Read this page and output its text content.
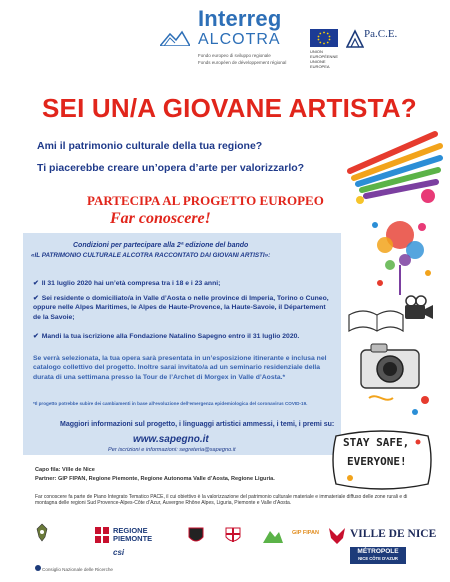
Interreg
ALCOTRA
Fondo europeo di sviluppo regionale
Fonds européen de développement régional
UNION EUROPÉENNE UNIONE EUROPEA
Pa.C.E.
SEI UN/A GIOVANE ARTISTA?
Ami il patrimonio culturale della tua regione?
Ti piacerebbe creare un’opera d’arte per valorizzarlo?
PARTECIPA AL PROGETTO EUROPEO
Far conoscere!
Condizioni per partecipare alla 2ª edizione del bando
«IL PATRIMONIO CULTURALE ALCOTRA RACCONTATO DAI GIOVANI ARTISTI»:
✔ Il 31 luglio 2020 hai un’età compresa tra i 18 e i 23 anni;
✔ Sei residente o domiciliato/a in Valle d’Aosta o nelle province di Imperia, Torino o Cuneo, oppure nelle Alpes Maritimes, le Alpes de Haute-Provence, la Haute-Savoie, il Département de la Savoie;
✔ Mandi la tua iscrizione alla Fondazione Natalino Sapegno entro il 31 luglio 2020.
Se verrà selezionata, la tua opera sarà presentata in un’esposizione itinerante e inclusa nel catalogo collettivo del progetto. Inoltre sarai invitato/a ad un seminario residenziale della durata di una settimana presso la Tour de l’Archet di Morgex in Valle d’Aosta.*
*Il progetto potrebbe subire dei cambiamenti in base all’evoluzione dell’emergenza epidemiologica del coronavirus COVID-19.
Maggiori informazioni sul progetto, i linguaggi artistici ammessi, i temi, i premi su:
www.sapegno.it
Per iscrizioni e informazioni: segreteria@sapegno.it
STAY SAFE,
EVERYONE!
Capo fila: Ville de Nice
Partner: GIP FIPAN, Regione Piemonte, Regione Autonoma Valle d’Aosta, Regione Liguria.
Far conoscere fa parte de Piano Integrato Tematico PACE, il cui obiettivo è la valorizzazione del patrimonio culturale materiale e immateriale diffuso delle zone rurali e di montagna delle regioni Sud Provence-Alpes-Côte d’Azur, Auvergne Rhône Alpes, Liguria, Piemonte e Valle d’Aosta.
REGIONE PIEMONTE
csi
GIP FIPAN	VILLE DE NICE
MÉTROPOLE
NICE CÔTE D’AZUR
Consiglio Nazionale delle Ricerche
